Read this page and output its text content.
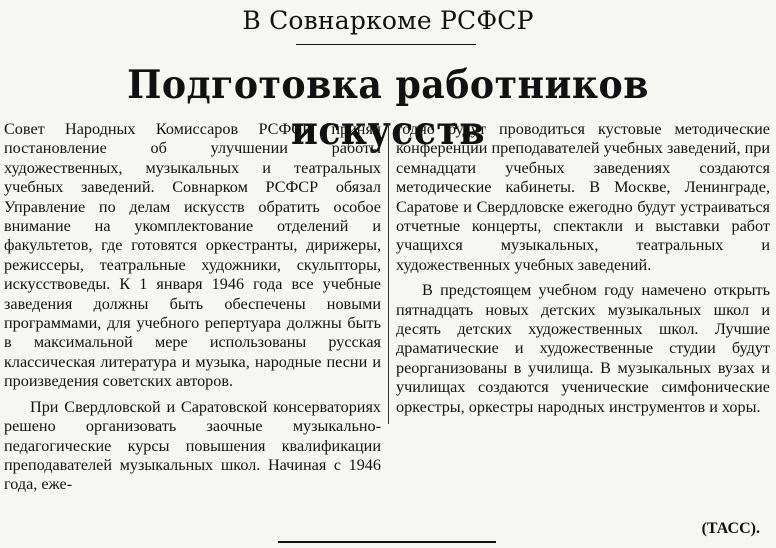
В Совнаркоме РСФСР
Подготовка работников искусств

Совет Народных Комиссаров РСФСР принял постановление об улучшении работы художественных, музыкальных и театральных учебных заведений. Совнарком РСФСР обязал Управление по делам искусств обратить особое внимание на укомплектование отделений и факультетов, где готовятся оркестранты, дирижеры, режиссеры, театральные художники, скульпторы, искусствоведы. К 1 января 1946 года все учебные заведения должны быть обеспечены новыми программами, для учебного репертуара должны быть в максимальной мере использованы русская классическая литература и музыка, народные песни и произведения советских авторов.

При Свердловской и Саратовской консерваториях решено организовать заочные музыкально-педагогические курсы повышения квалификации преподавателей музыкальных школ. Начиная с 1946 года, еже-

годно будут проводиться кустовые методические конференции преподавателей учебных заведений, при семнадцати учебных заведениях создаются методические кабинеты. В Москве, Ленинграде, Саратове и Свердловске ежегодно будут устраиваться отчетные концерты, спектакли и выставки работ учащихся музыкальных, театральных и художественных учебных заведений.

В предстоящем учебном году намечено открыть пятнадцать новых детских музыкальных школ и десять детских художественных школ. Лучшие драматические и художественные студии будут реорганизованы в училища. В музыкальных вузах и училищах создаются ученические симфонические оркестры, оркестры народных инструментов и хоры.

(ТАСС).
